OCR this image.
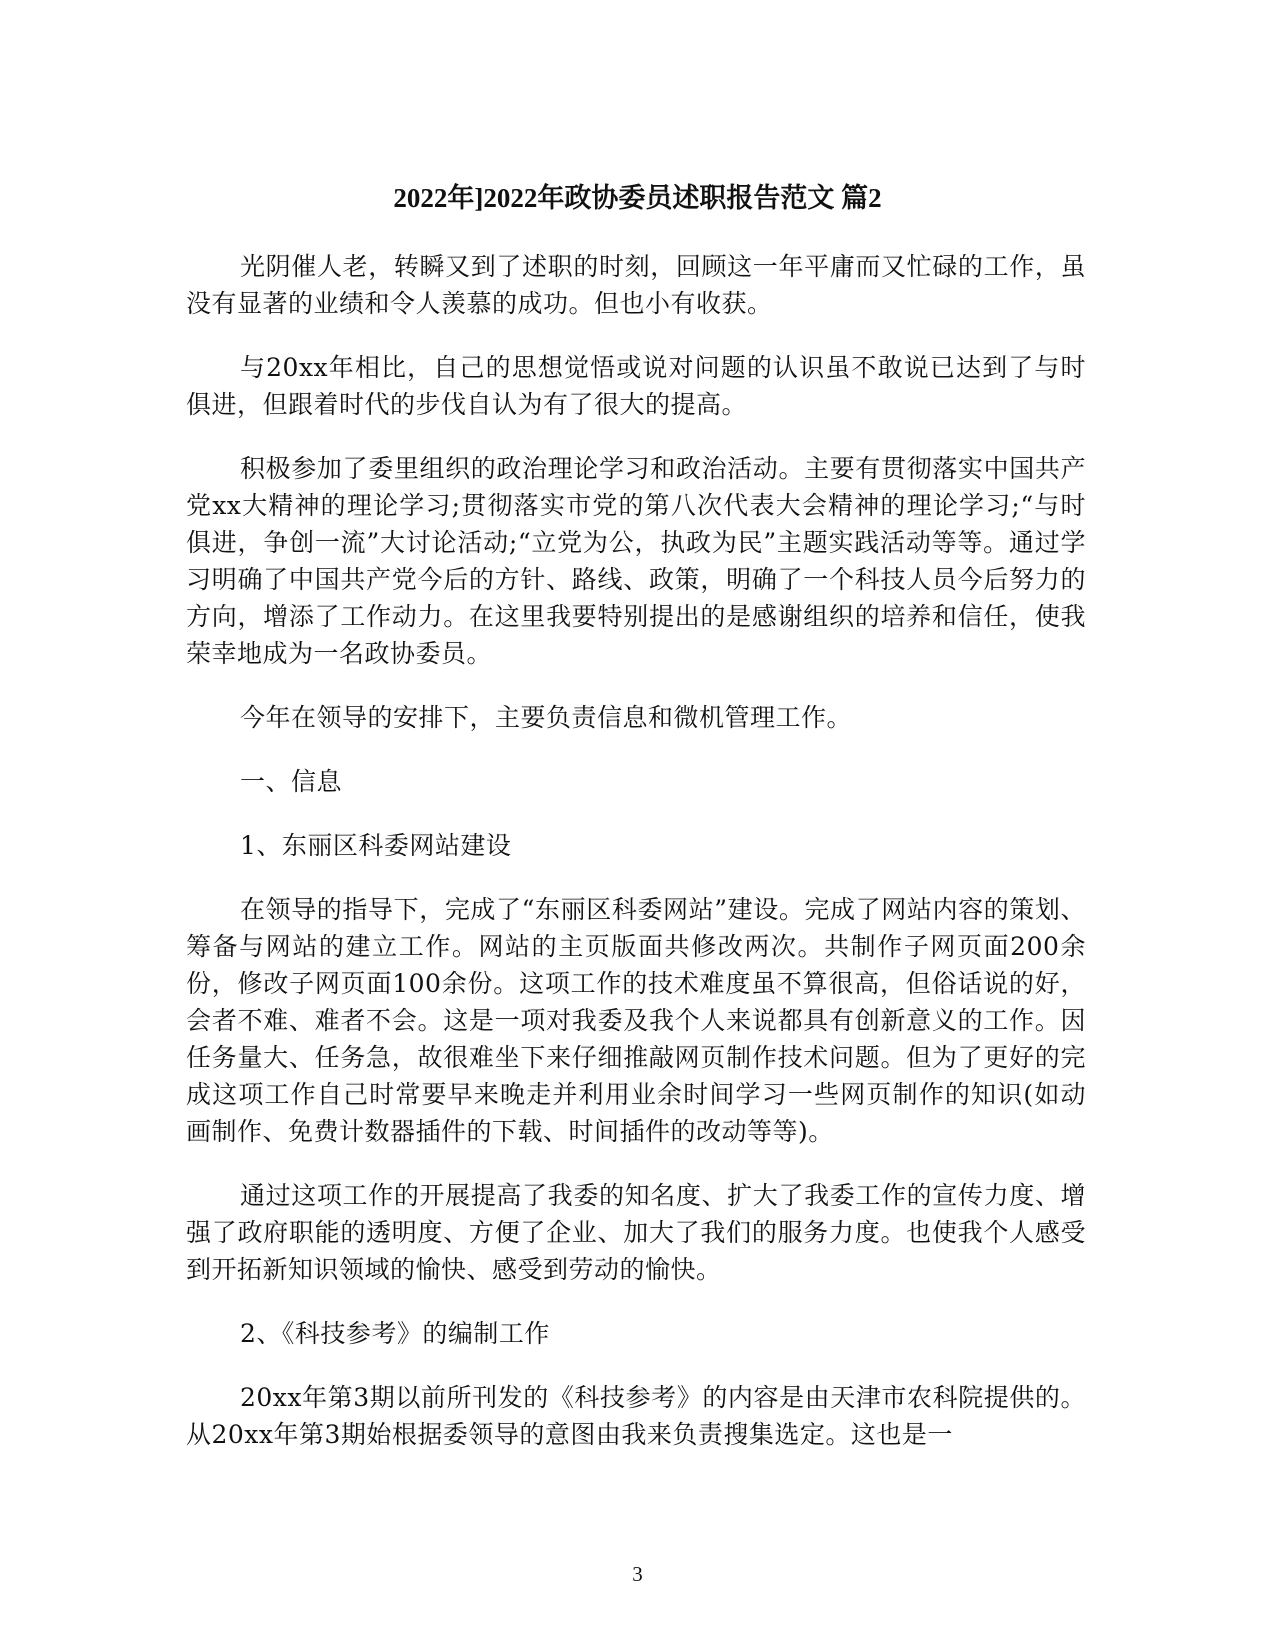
2022年]2022年政协委员述职报告范文 篇2

光阴催人老，转瞬又到了述职的时刻，回顾这一年平庸而又忙碌的工作，虽没有显著的业绩和令人羡慕的成功。但也小有收获。

与20xx年相比，自己的思想觉悟或说对问题的认识虽不敢说已达到了与时俱进，但跟着时代的步伐自认为有了很大的提高。

积极参加了委里组织的政治理论学习和政治活动。主要有贯彻落实中国共产党xx大精神的理论学习;贯彻落实市党的第八次代表大会精神的理论学习;“与时俱进，争创一流”大讨论活动;“立党为公，执政为民”主题实践活动等等。通过学习明确了中国共产党今后的方针、路线、政策，明确了一个科技人员今后努力的方向，增添了工作动力。在这里我要特别提出的是感谢组织的培养和信任，使我荣幸地成为一名政协委员。

今年在领导的安排下，主要负责信息和微机管理工作。

一、信息

1、东丽区科委网站建设

在领导的指导下，完成了“东丽区科委网站”建设。完成了网站内容的策划、筹备与网站的建立工作。网站的主页版面共修改两次。共制作子网页面200余份，修改子网页面100余份。这项工作的技术难度虽不算很高，但俗话说的好，会者不难、难者不会。这是一项对我委及我个人来说都具有创新意义的工作。因任务量大、任务急，故很难坐下来仔细推敲网页制作技术问题。但为了更好的完成这项工作自己时常要早来晚走并利用业余时间学习一些网页制作的知识(如动画制作、免费计数器插件的下载、时间插件的改动等等)。

通过这项工作的开展提高了我委的知名度、扩大了我委工作的宣传力度、增强了政府职能的透明度、方便了企业、加大了我们的服务力度。也使我个人感受到开拓新知识领域的愉快、感受到劳动的愉快。

2、《科技参考》的编制工作

20xx年第3期以前所刊发的《科技参考》的内容是由天津市农科院提供的。从20xx年第3期始根据委领导的意图由我来负责搜集选定。这也是一

3
